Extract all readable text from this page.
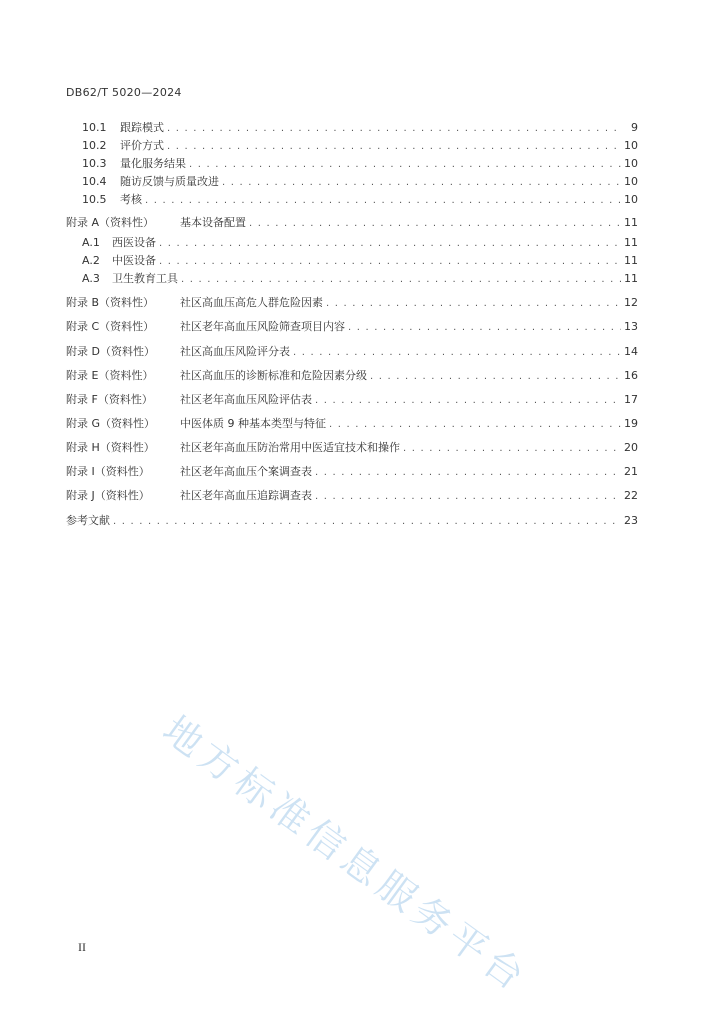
DB62/T 5020—2024
10.1	跟踪模式 . . .	9
10.2	评价方式 . . .	10
10.3	量化服务结果 . . .	10
10.4	随访反馈与质量改进 . . .	10
10.5	考核 . . .	10
附录 A（资料性）	基本设备配置 . . .	11
A.1	西医设备 . . .	11
A.2	中医设备 . . .	11
A.3	卫生教育工具 . . .	11
附录 B（资料性）	社区高血压高危人群危险因素 . . .	12
附录 C（资料性）	社区老年高血压风险筛查项目内容 . . .	13
附录 D（资料性）	社区高血压风险评分表 . . .	14
附录 E（资料性）	社区高血压的诊断标准和危险因素分级 . . .	16
附录 F（资料性）	社区老年高血压风险评估表 . . .	17
附录 G（资料性）	中医体质 9 种基本类型与特征 . . .	19
附录 H（资料性）	社区老年高血压防治常用中医适宜技术和操作 . . .	20
附录 I（资料性）	社区老年高血压个案调查表 . . .	21
附录 J（资料性）	社区老年高血压追踪调查表 . . .	22
参考文献 . . .	23
地方标准信息服务平台
II
